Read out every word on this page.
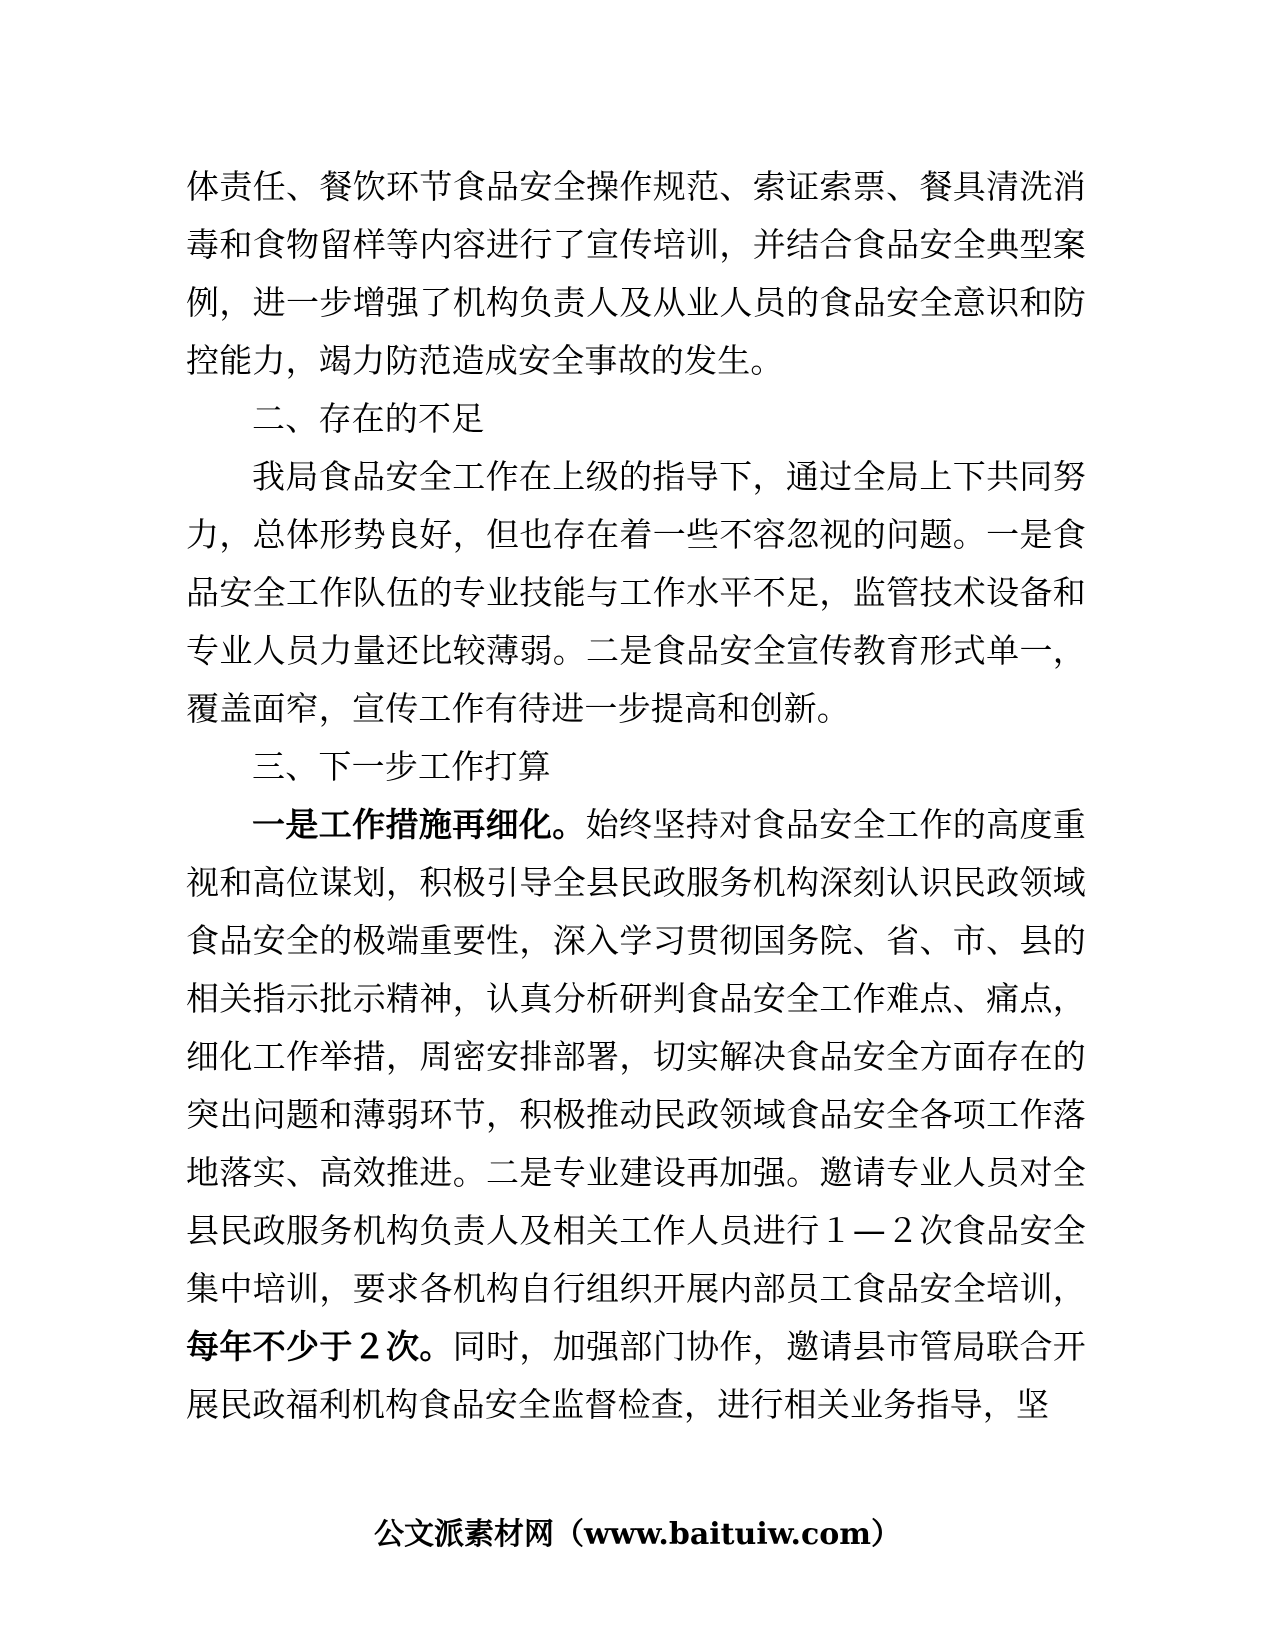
体责任、餐饮环节食品安全操作规范、索证索票、餐具清洗消毒和食物留样等内容进行了宣传培训，并结合食品安全典型案例，进一步增强了机构负责人及从业人员的食品安全意识和防控能力，竭力防范造成安全事故的发生。

二、存在的不足

我局食品安全工作在上级的指导下，通过全局上下共同努力，总体形势良好，但也存在着一些不容忽视的问题。一是食品安全工作队伍的专业技能与工作水平不足，监管技术设备和专业人员力量还比较薄弱。二是食品安全宣传教育形式单一，覆盖面窄，宣传工作有待进一步提高和创新。

三、下一步工作打算

一是工作措施再细化。始终坚持对食品安全工作的高度重视和高位谋划，积极引导全县民政服务机构深刻认识民政领域食品安全的极端重要性，深入学习贯彻国务院、省、市、县的相关指示批示精神，认真分析研判食品安全工作难点、痛点，细化工作举措，周密安排部署，切实解决食品安全方面存在的突出问题和薄弱环节，积极推动民政领域食品安全各项工作落地落实、高效推进。二是专业建设再加强。邀请专业人员对全县民政服务机构负责人及相关工作人员进行１—２次食品安全集中培训，要求各机构自行组织开展内部员工食品安全培训，每年不少于２次。同时，加强部门协作，邀请县市管局联合开展民政福利机构食品安全监督检查，进行相关业务指导，坚

公文派素材网（www.baituiw.com）
